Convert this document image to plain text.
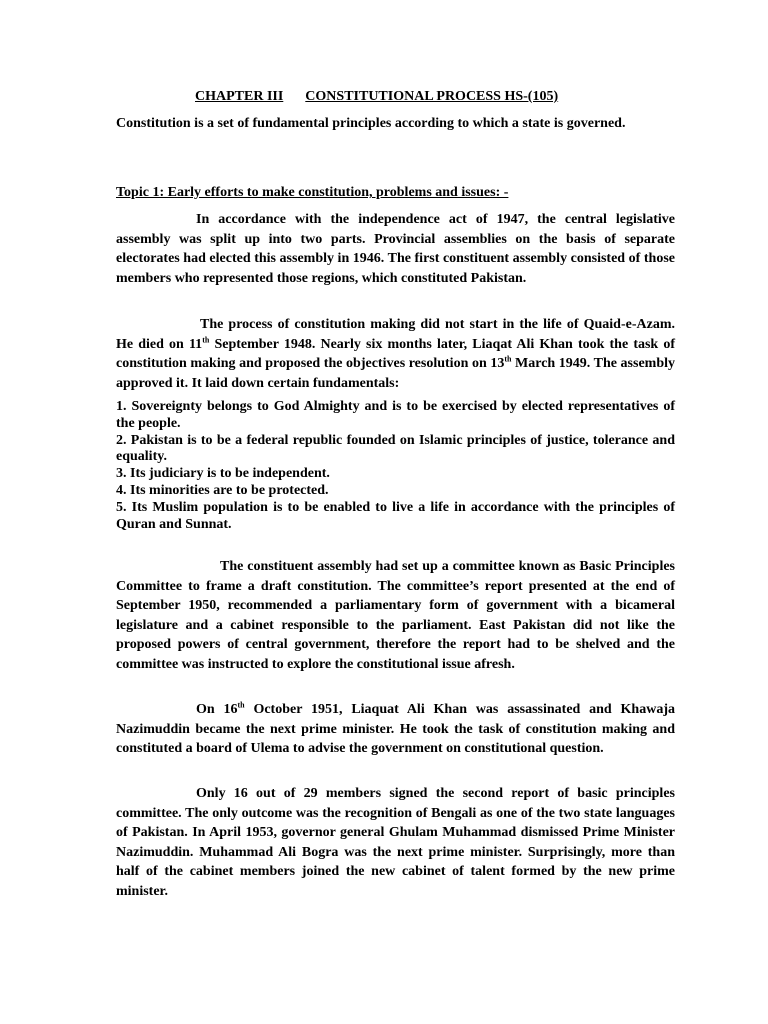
CHAPTER III CONSTITUTIONAL PROCESS HS-(105)

Constitution is a set of fundamental principles according to which a state is governed.

Topic 1: Early efforts to make constitution, problems and issues: -

In accordance with the independence act of 1947, the central legislative assembly was split up into two parts. Provincial assemblies on the basis of separate electorates had elected this assembly in 1946. The first constituent assembly consisted of those members who represented those regions, which constituted Pakistan.

The process of constitution making did not start in the life of Quaid-e-Azam. He died on 11th September 1948. Nearly six months later, Liaqat Ali Khan took the task of constitution making and proposed the objectives resolution on 13th March 1949. The assembly approved it. It laid down certain fundamentals:

1. Sovereignty belongs to God Almighty and is to be exercised by elected representatives of the people.
2. Pakistan is to be a federal republic founded on Islamic principles of justice, tolerance and equality.
3. Its judiciary is to be independent.
4. Its minorities are to be protected.
5. Its Muslim population is to be enabled to live a life in accordance with the principles of Quran and Sunnat.

The constituent assembly had set up a committee known as Basic Principles Committee to frame a draft constitution. The committee’s report presented at the end of September 1950, recommended a parliamentary form of government with a bicameral legislature and a cabinet responsible to the parliament. East Pakistan did not like the proposed powers of central government, therefore the report had to be shelved and the committee was instructed to explore the constitutional issue afresh.

On 16th October 1951, Liaquat Ali Khan was assassinated and Khawaja Nazimuddin became the next prime minister. He took the task of constitution making and constituted a board of Ulema to advise the government on constitutional question.

Only 16 out of 29 members signed the second report of basic principles committee. The only outcome was the recognition of Bengali as one of the two state languages of Pakistan. In April 1953, governor general Ghulam Muhammad dismissed Prime Minister Nazimuddin. Muhammad Ali Bogra was the next prime minister. Surprisingly, more than half of the cabinet members joined the new cabinet of talent formed by the new prime minister.
